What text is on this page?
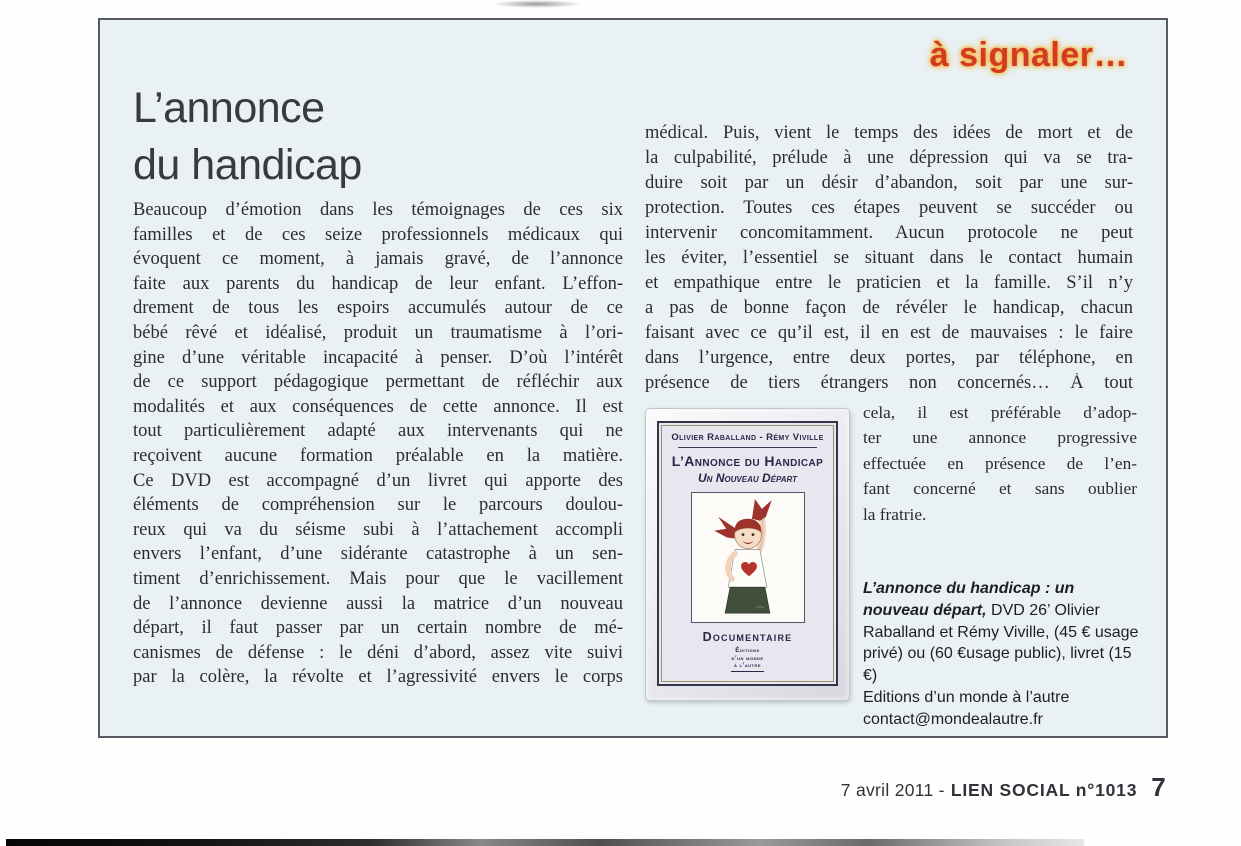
à signaler…
L’annonce
du handicap
Beaucoup d’émotion dans les témoignages de ces six
familles et de ces seize professionnels médicaux qui
évoquent ce moment, à jamais gravé, de l’annonce
faite aux parents du handicap de leur enfant. L’effon-
drement de tous les espoirs accumulés autour de ce
bébé rêvé et idéalisé, produit un traumatisme à l’ori-
gine d’une véritable incapacité à penser. D’où l’intérêt
de ce support pédagogique permettant de réfléchir aux
modalités et aux conséquences de cette annonce. Il est
tout particulièrement adapté aux intervenants qui ne
reçoivent aucune formation préalable en la matière.
Ce DVD est accompagné d’un livret qui apporte des
éléments de compréhension sur le parcours doulou-
reux qui va du séisme subi à l’attachement accompli
envers l’enfant, d’une sidérante catastrophe à un sen-
timent d’enrichissement. Mais pour que le vacillement
de l’annonce devienne aussi la matrice d’un nouveau
départ, il faut passer par un certain nombre de mé-
canismes de défense : le déni d’abord, assez vite suivi
par la colère, la révolte et l’agressivité envers le corps
médical. Puis, vient le temps des idées de mort et de
la culpabilité, prélude à une dépression qui va se tra-
duire soit par un désir d’abandon, soit par une sur-
protection. Toutes ces étapes peuvent se succéder ou
intervenir concomitamment. Aucun protocole ne peut
les éviter, l’essentiel se situant dans le contact humain
et empathique entre le praticien et la famille. S’il n’y
a pas de bonne façon de révéler le handicap, chacun
faisant avec ce qu’il est, il en est de mauvaises : le faire
dans l’urgence, entre deux portes, par téléphone, en
présence de tiers étrangers non concernés… À tout
cela, il est préférable d’adop-
ter une annonce progressive
effectuée en présence de l’en-
fant concerné et sans oublier
la fratrie.
Olivier Raballand - Rémy Viville
L’Annonce du Handicap
Un Nouveau Départ
Documentaire
Éditions
d’un monde
à l’autre
L’annonce du handicap : un nouveau départ, DVD 26’ Olivier Raballand et Rémy Viville, (45 € usage privé) ou (60 €usage public), livret (15 €)
Editions d’un monde à l’autre
contact@mondealautre.fr
7 avril 2011 - LIEN SOCIAL n°1013 7
